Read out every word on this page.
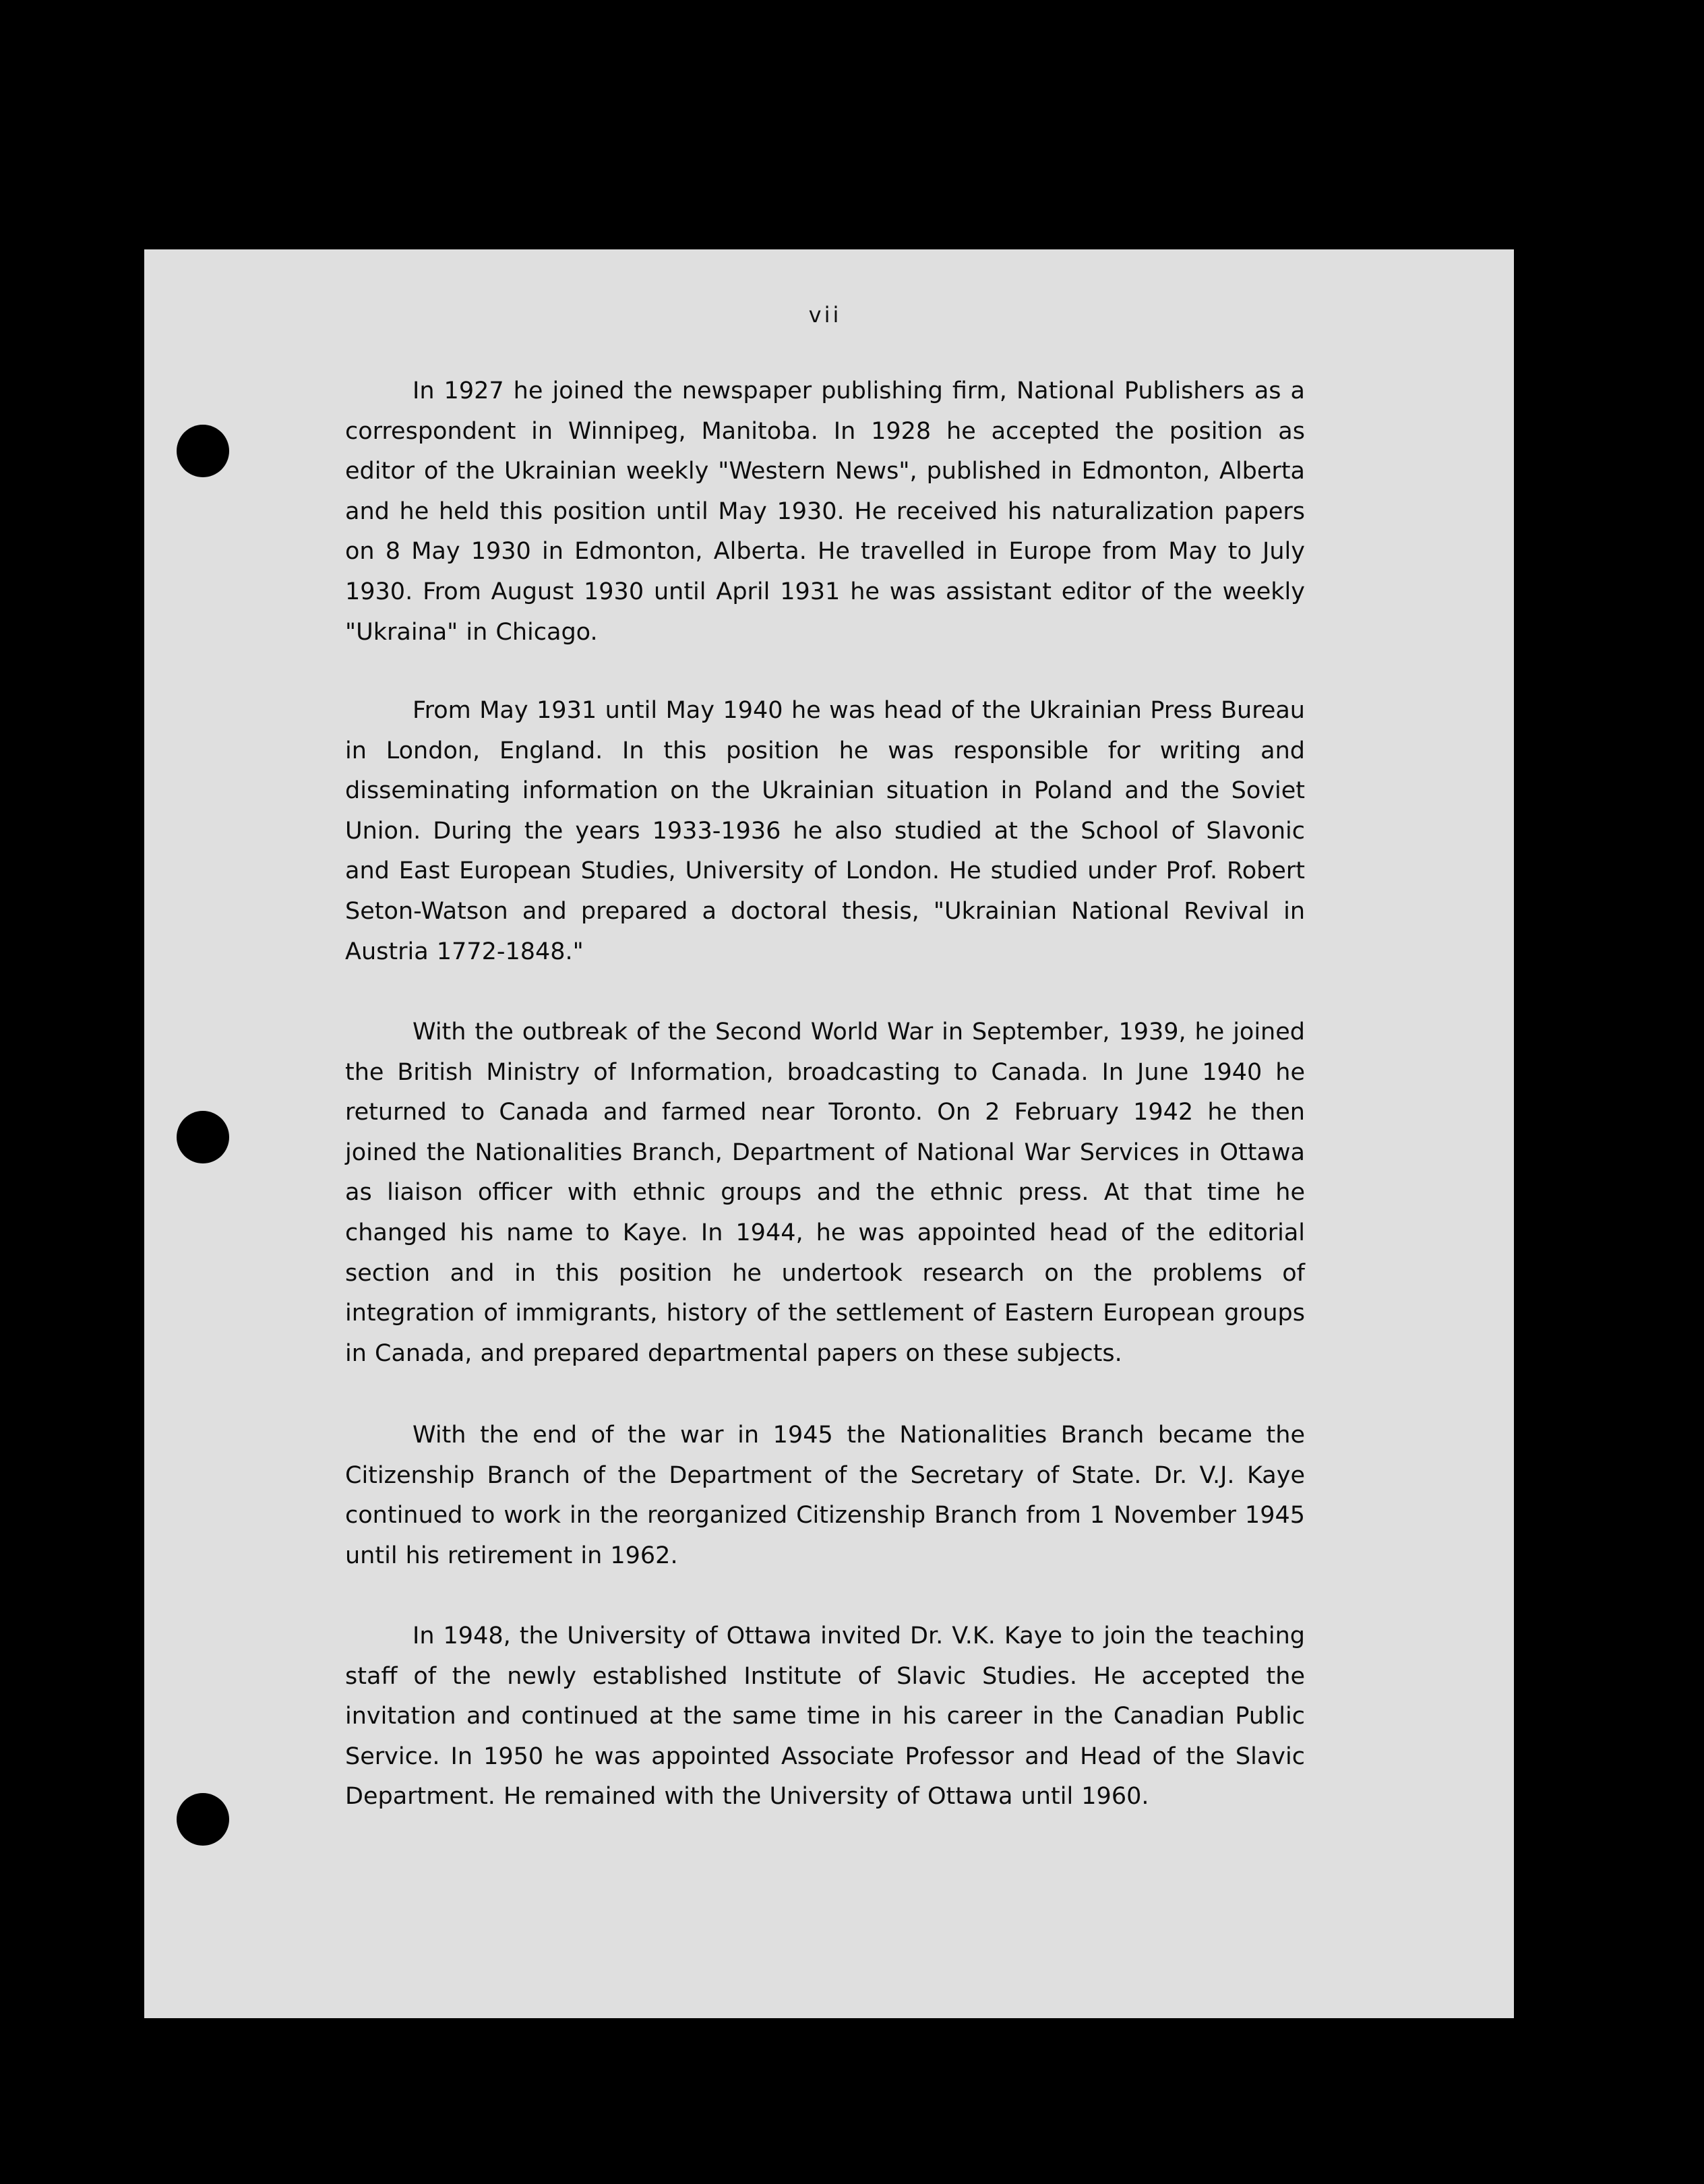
vii

In 1927 he joined the newspaper publishing firm, National Publishers as a correspondent in Winnipeg, Manitoba. In 1928 he accepted the position as editor of the Ukrainian weekly "Western News", published in Edmonton, Alberta and he held this position until May 1930. He received his naturalization papers on 8 May 1930 in Edmonton, Alberta. He travelled in Europe from May to July 1930. From August 1930 until April 1931 he was assistant editor of the weekly "Ukraina" in Chicago.

From May 1931 until May 1940 he was head of the Ukrainian Press Bureau in London, England. In this position he was responsible for writing and disseminating information on the Ukrainian situation in Poland and the Soviet Union. During the years 1933-1936 he also studied at the School of Slavonic and East European Studies, University of London. He studied under Prof. Robert Seton-Watson and prepared a doctoral thesis, "Ukrainian National Revival in Austria 1772-1848."

With the outbreak of the Second World War in September, 1939, he joined the British Ministry of Information, broadcasting to Canada. In June 1940 he returned to Canada and farmed near Toronto. On 2 February 1942 he then joined the Nationalities Branch, Department of National War Services in Ottawa as liaison officer with ethnic groups and the ethnic press. At that time he changed his name to Kaye. In 1944, he was appointed head of the editorial section and in this position he undertook research on the problems of integration of immigrants, history of the settlement of Eastern European groups in Canada, and prepared departmental papers on these subjects.

With the end of the war in 1945 the Nationalities Branch became the Citizenship Branch of the Department of the Secretary of State. Dr. V.J. Kaye continued to work in the reorganized Citizenship Branch from 1 November 1945 until his retirement in 1962.

In 1948, the University of Ottawa invited Dr. V.K. Kaye to join the teaching staff of the newly established Institute of Slavic Studies. He accepted the invitation and continued at the same time in his career in the Canadian Public Service. In 1950 he was appointed Associate Professor and Head of the Slavic Department. He remained with the University of Ottawa until 1960.
